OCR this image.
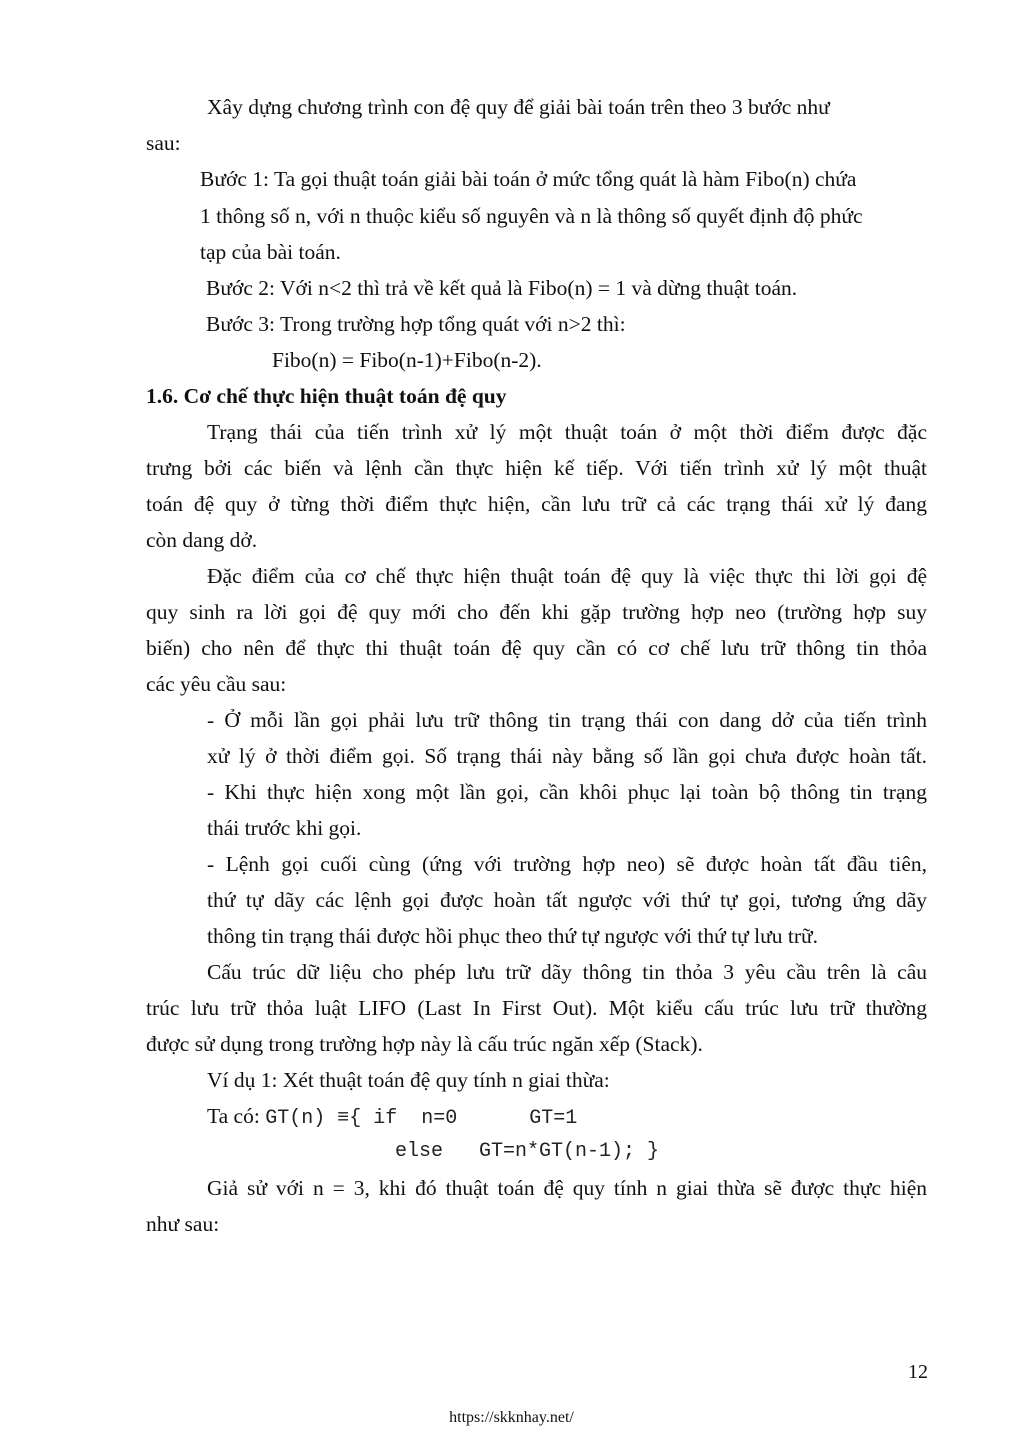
Xây dựng chương trình con đệ quy để giải bài toán trên theo 3 bước như
sau:
Bước 1: Ta gọi thuật toán giải bài toán ở mức tổng quát là hàm Fibo(n) chứa
1 thông số n, với n thuộc kiểu số nguyên và n là thông số quyết định độ phức
tạp của bài toán.
Bước 2: Với n<2 thì trả về kết quả là Fibo(n) = 1 và dừng thuật toán.
Bước 3: Trong trường hợp tổng quát với n>2 thì:
Fibo(n) = Fibo(n-1)+Fibo(n-2).
1.6. Cơ chế thực hiện thuật toán đệ quy
Trạng thái của tiến trình xử lý một thuật toán ở một thời điểm được đặc
trưng bởi các biến và lệnh cần thực hiện kế tiếp. Với tiến trình xử lý một thuật
toán đệ quy ở từng thời điểm thực hiện, cần lưu trữ cả các trạng thái xử lý đang
còn dang dở.
Đặc điểm của cơ chế thực hiện thuật toán đệ quy là việc thực thi lời gọi đệ
quy sinh ra lời gọi đệ quy mới cho đến khi gặp trường hợp neo (trường hợp suy
biến) cho nên để thực thi thuật toán đệ quy cần có cơ chế lưu trữ thông tin thỏa
các yêu cầu sau:
- Ở mỗi lần gọi phải lưu trữ thông tin trạng thái con dang dở của tiến trình
xử lý ở thời điểm gọi. Số trạng thái này bằng số lần gọi chưa được hoàn tất.
- Khi thực hiện xong một lần gọi, cần khôi phục lại toàn bộ thông tin trạng
thái trước khi gọi.
- Lệnh gọi cuối cùng (ứng với trường hợp neo) sẽ được hoàn tất đầu tiên,
thứ tự dãy các lệnh gọi được hoàn tất ngược với thứ tự gọi, tương ứng dãy
thông tin trạng thái được hồi phục theo thứ tự ngược với thứ tự lưu trữ.
Cấu trúc dữ liệu cho phép lưu trữ dãy thông tin thỏa 3 yêu cầu trên là câu
trúc lưu trữ thỏa luật LIFO (Last In First Out). Một kiểu cấu trúc lưu trữ thường
được sử dụng trong trường hợp này là cấu trúc ngăn xếp (Stack).
Ví dụ 1: Xét thuật toán đệ quy tính n giai thừa:
Ta có: GT(n) ≡{ if  n=0      GT=1
else   GT=n*GT(n-1); }
Giả sử với n = 3, khi đó thuật toán đệ quy tính n giai thừa sẽ được thực hiện
như sau:
12
https://skknhay.net/
